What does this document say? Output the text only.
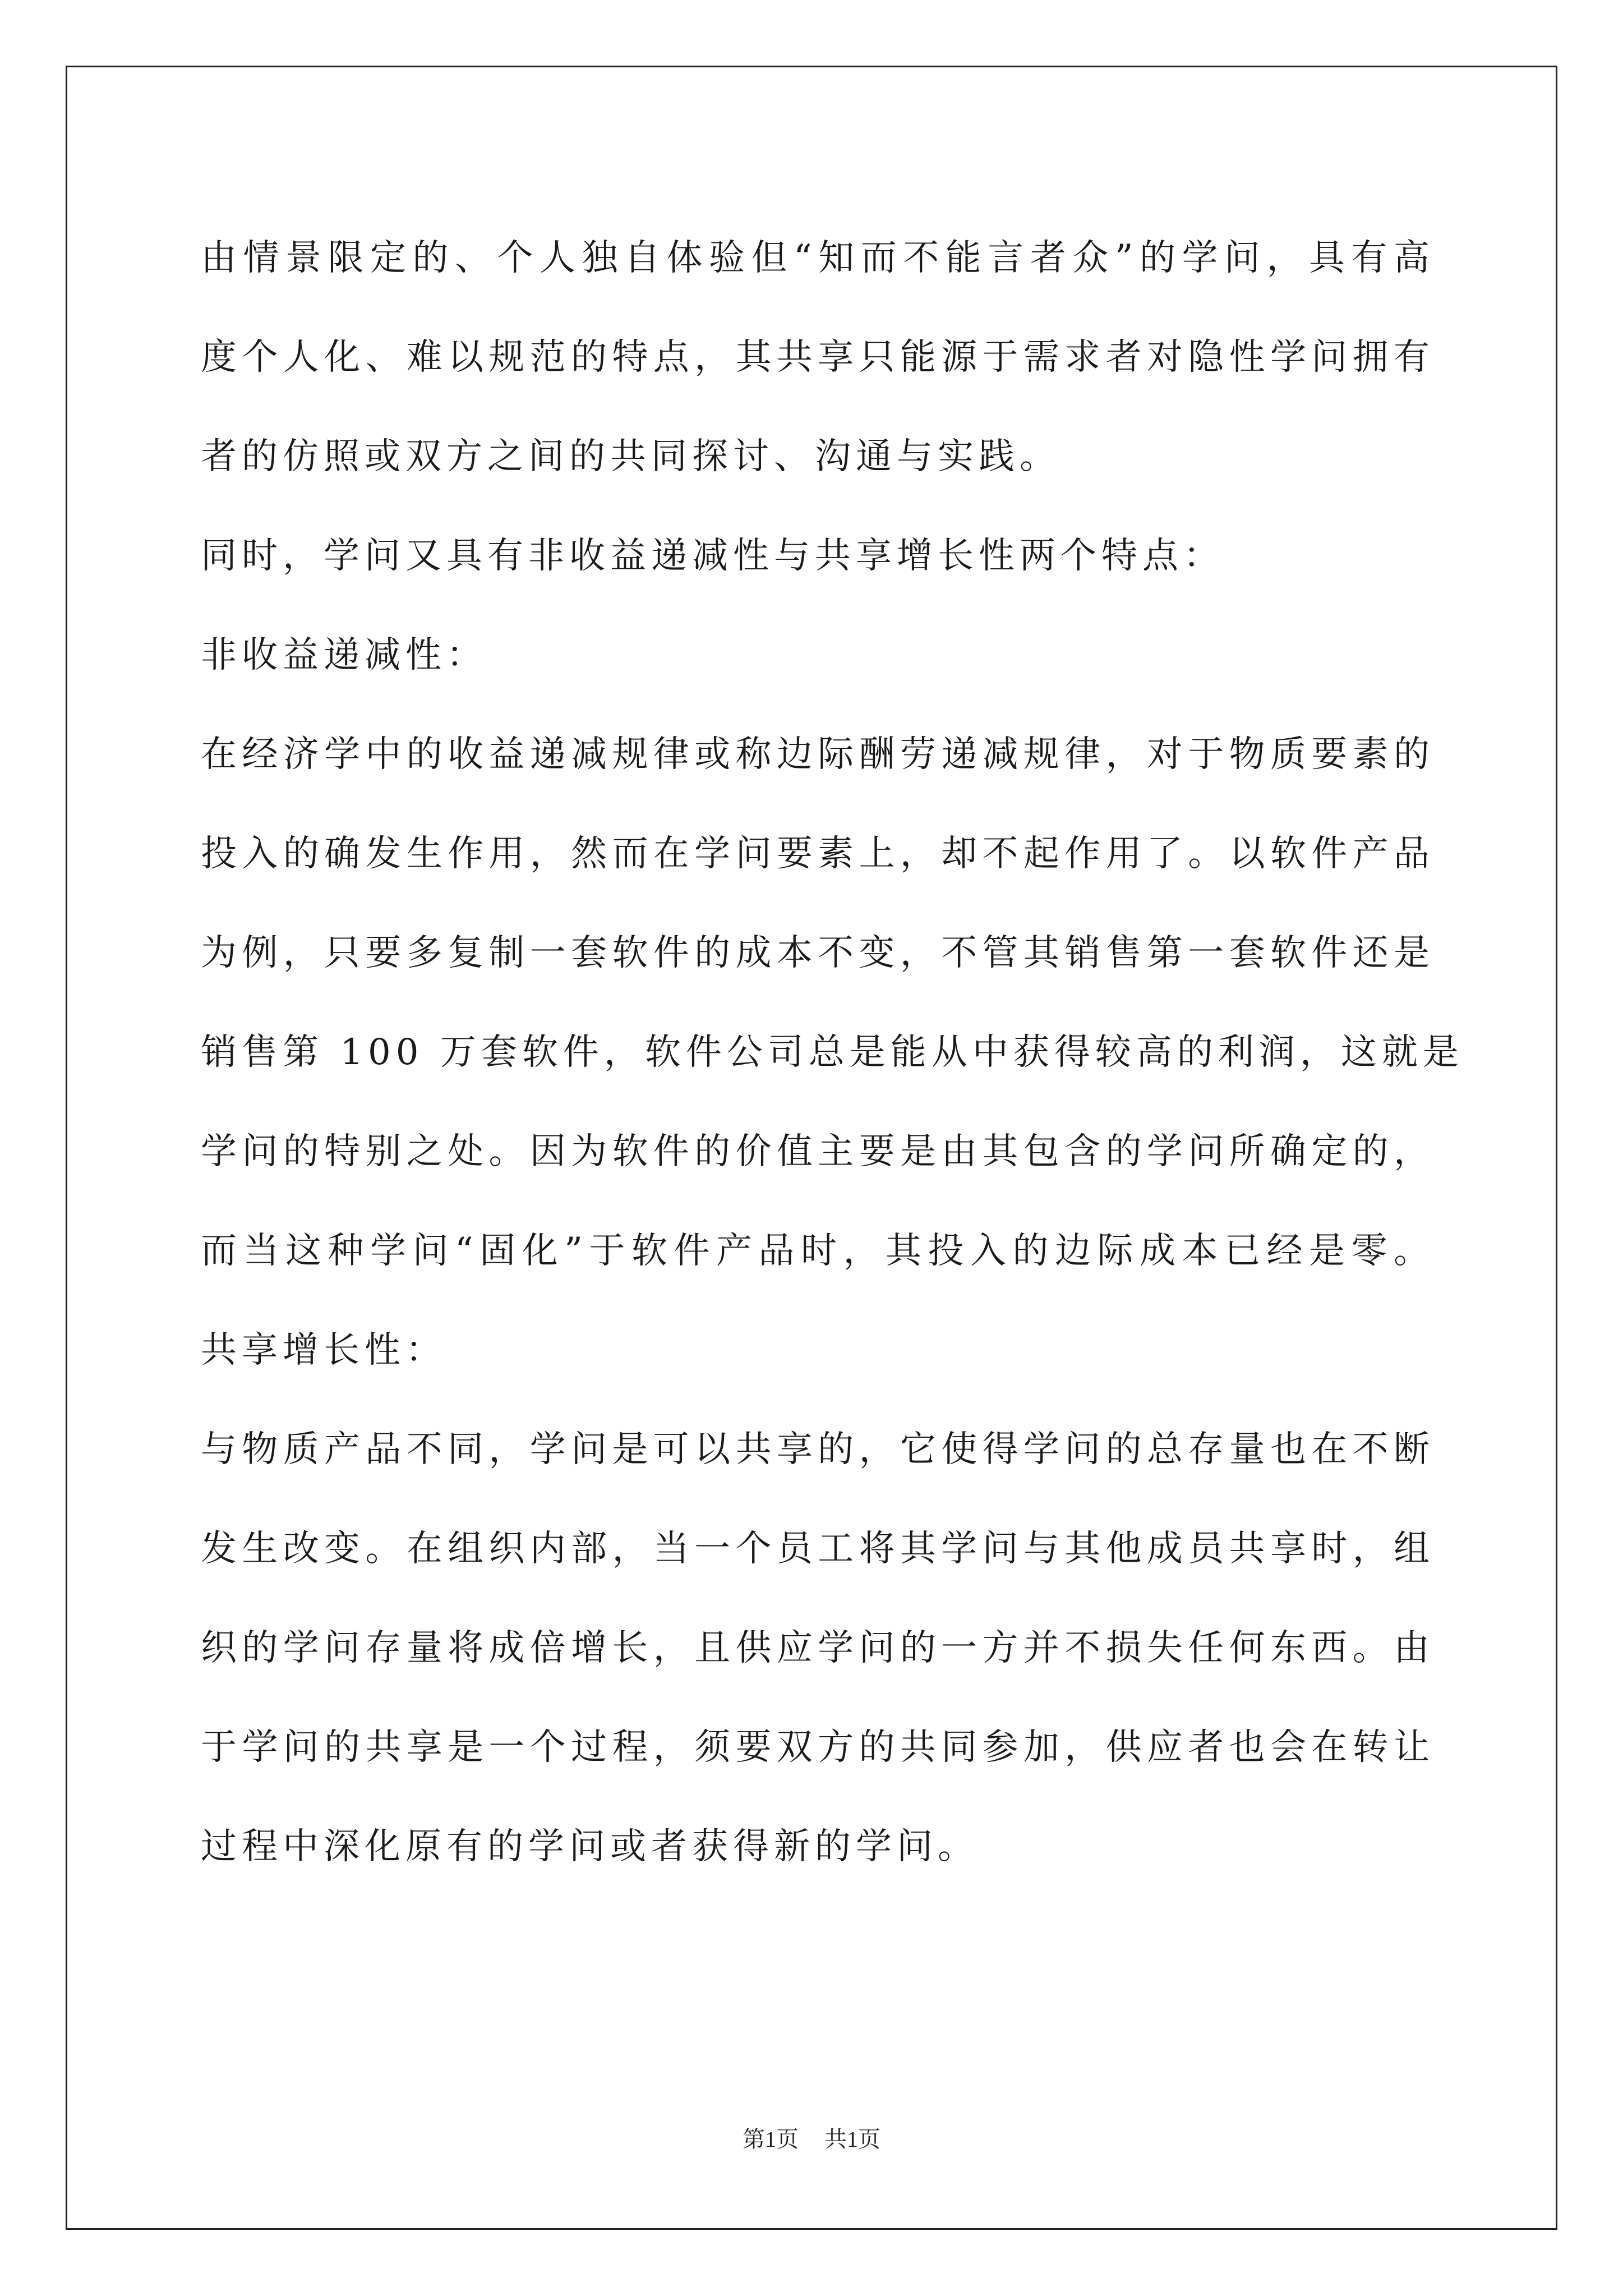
由情景限定的、个人独自体验但“知而不能言者众”的学问，具有高
度个人化、难以规范的特点，其共享只能源于需求者对隐性学问拥有
者的仿照或双方之间的共同探讨、沟通与实践。
同时，学问又具有非收益递减性与共享增长性两个特点：
非收益递减性：
在经济学中的收益递减规律或称边际酬劳递减规律，对于物质要素的
投入的确发生作用，然而在学问要素上，却不起作用了。以软件产品
为例，只要多复制一套软件的成本不变，不管其销售第一套软件还是
销售第 100 万套软件，软件公司总是能从中获得较高的利润，这就是
学问的特别之处。因为软件的价值主要是由其包含的学问所确定的，
而当这种学问“固化”于软件产品时，其投入的边际成本已经是零。
共享增长性：
与物质产品不同，学问是可以共享的，它使得学问的总存量也在不断
发生改变。在组织内部，当一个员工将其学问与其他成员共享时，组
织的学问存量将成倍增长，且供应学问的一方并不损失任何东西。由
于学问的共享是一个过程，须要双方的共同参加，供应者也会在转让
过程中深化原有的学问或者获得新的学问。
第1页 共1页
